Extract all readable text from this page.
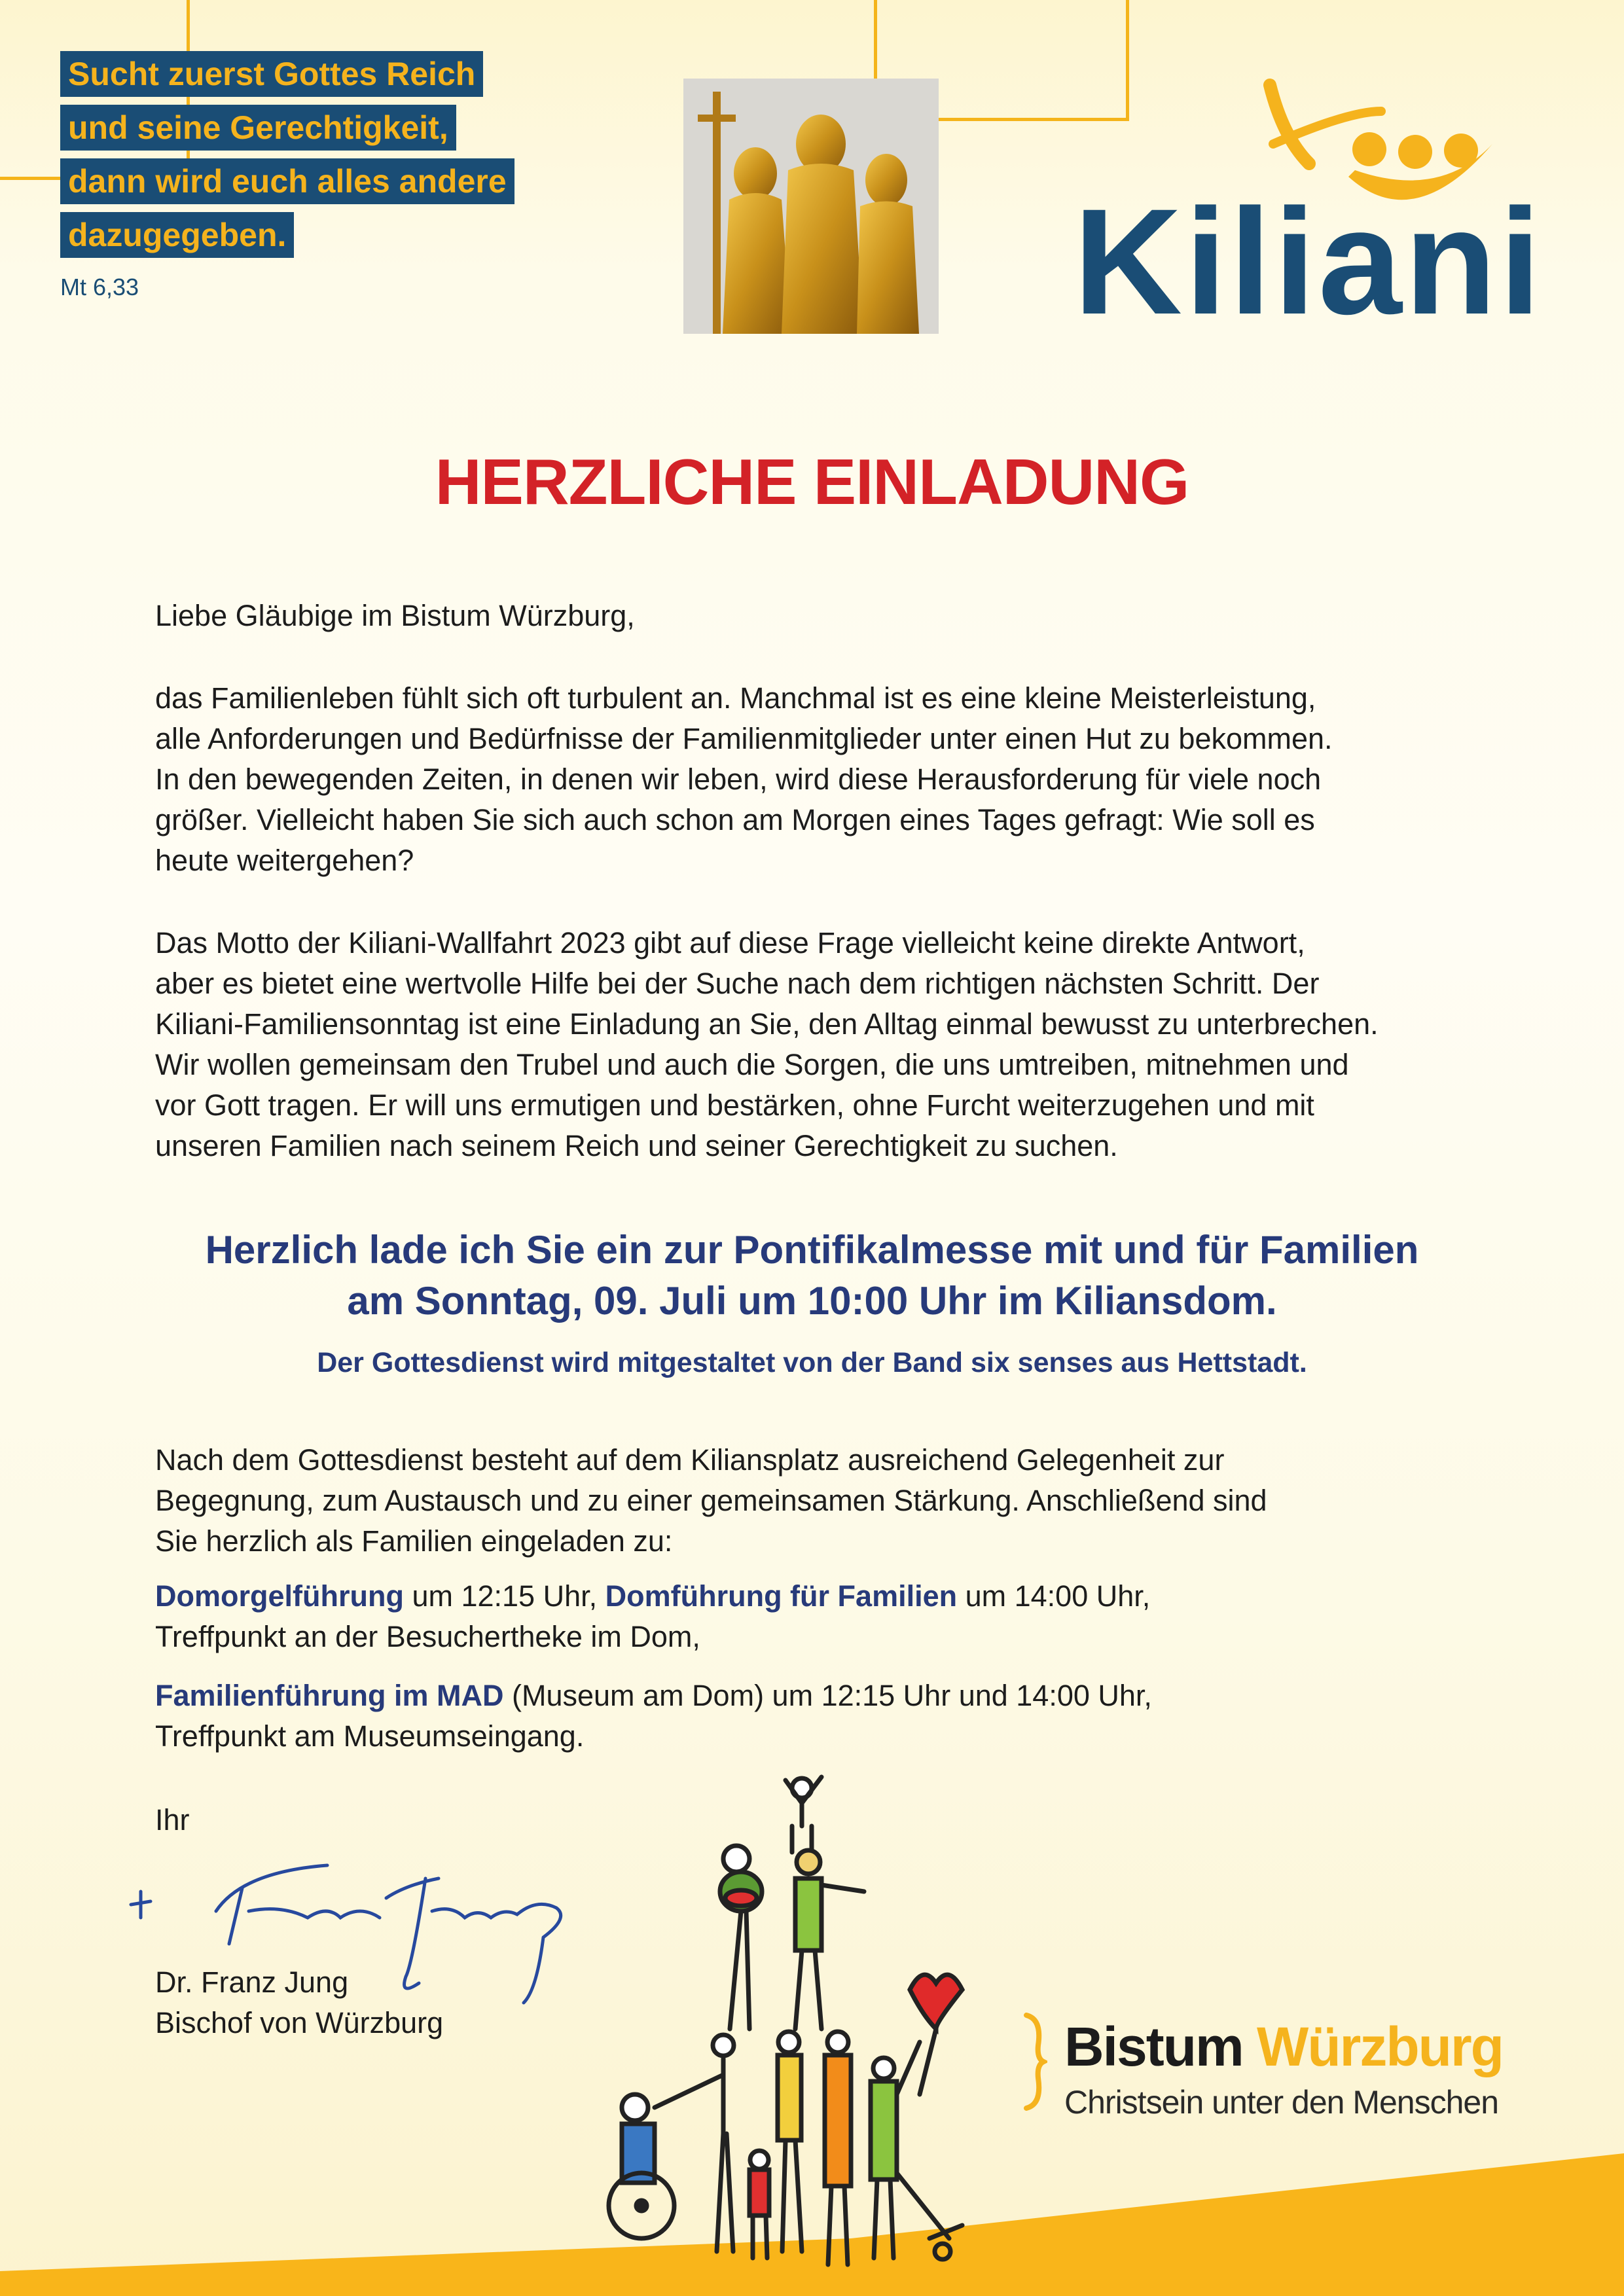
Sucht zuerst Gottes Reich
und seine Gerechtigkeit,
dann wird euch alles andere
dazugegeben.
Mt 6,33	Kiliani
HERZLICHE EINLADUNG

Liebe Gläubige im Bistum Würzburg,

das Familienleben fühlt sich oft turbulent an. Manchmal ist es eine kleine Meisterleistung,

alle Anforderungen und Bedürfnisse der Familienmitglieder unter einen Hut zu bekommen.

In den bewegenden Zeiten, in denen wir leben, wird diese Herausforderung für viele noch

größer. Vielleicht haben Sie sich auch schon am Morgen eines Tages gefragt: Wie soll es

heute weitergehen?

Das Motto der Kiliani-Wallfahrt 2023 gibt auf diese Frage vielleicht keine direkte Antwort,

aber es bietet eine wertvolle Hilfe bei der Suche nach dem richtigen nächsten Schritt. Der

Kiliani-Familiensonntag ist eine Einladung an Sie, den Alltag einmal bewusst zu unterbrechen.

Wir wollen gemeinsam den Trubel und auch die Sorgen, die uns umtreiben, mitnehmen und

vor Gott tragen. Er will uns ermutigen und bestärken, ohne Furcht weiterzugehen und mit

unseren Familien nach seinem Reich und seiner Gerechtigkeit zu suchen.

Herzlich lade ich Sie ein zur Pontifikalmesse mit und für Familien
am Sonntag, 09. Juli um 10:00 Uhr im Kiliansdom.
Der Gottesdienst wird mitgestaltet von der Band six senses aus Hettstadt.

Nach dem Gottesdienst besteht auf dem Kiliansplatz ausreichend Gelegenheit zur

Begegnung, zum Austausch und zu einer gemeinsamen Stärkung. Anschließend sind

Sie herzlich als Familien eingeladen zu:

Domorgelführung um 12:15 Uhr, Domführung für Familien um 14:00 Uhr,

Treffpunkt an der Besuchertheke im Dom,

Familienführung im MAD (Museum am Dom) um 12:15 Uhr und 14:00 Uhr,

Treffpunkt am Museumseingang.

Ihr

Dr. Franz Jung

Bischof von Würzburg	Bistum Würzburg
Christsein unter den Menschen
